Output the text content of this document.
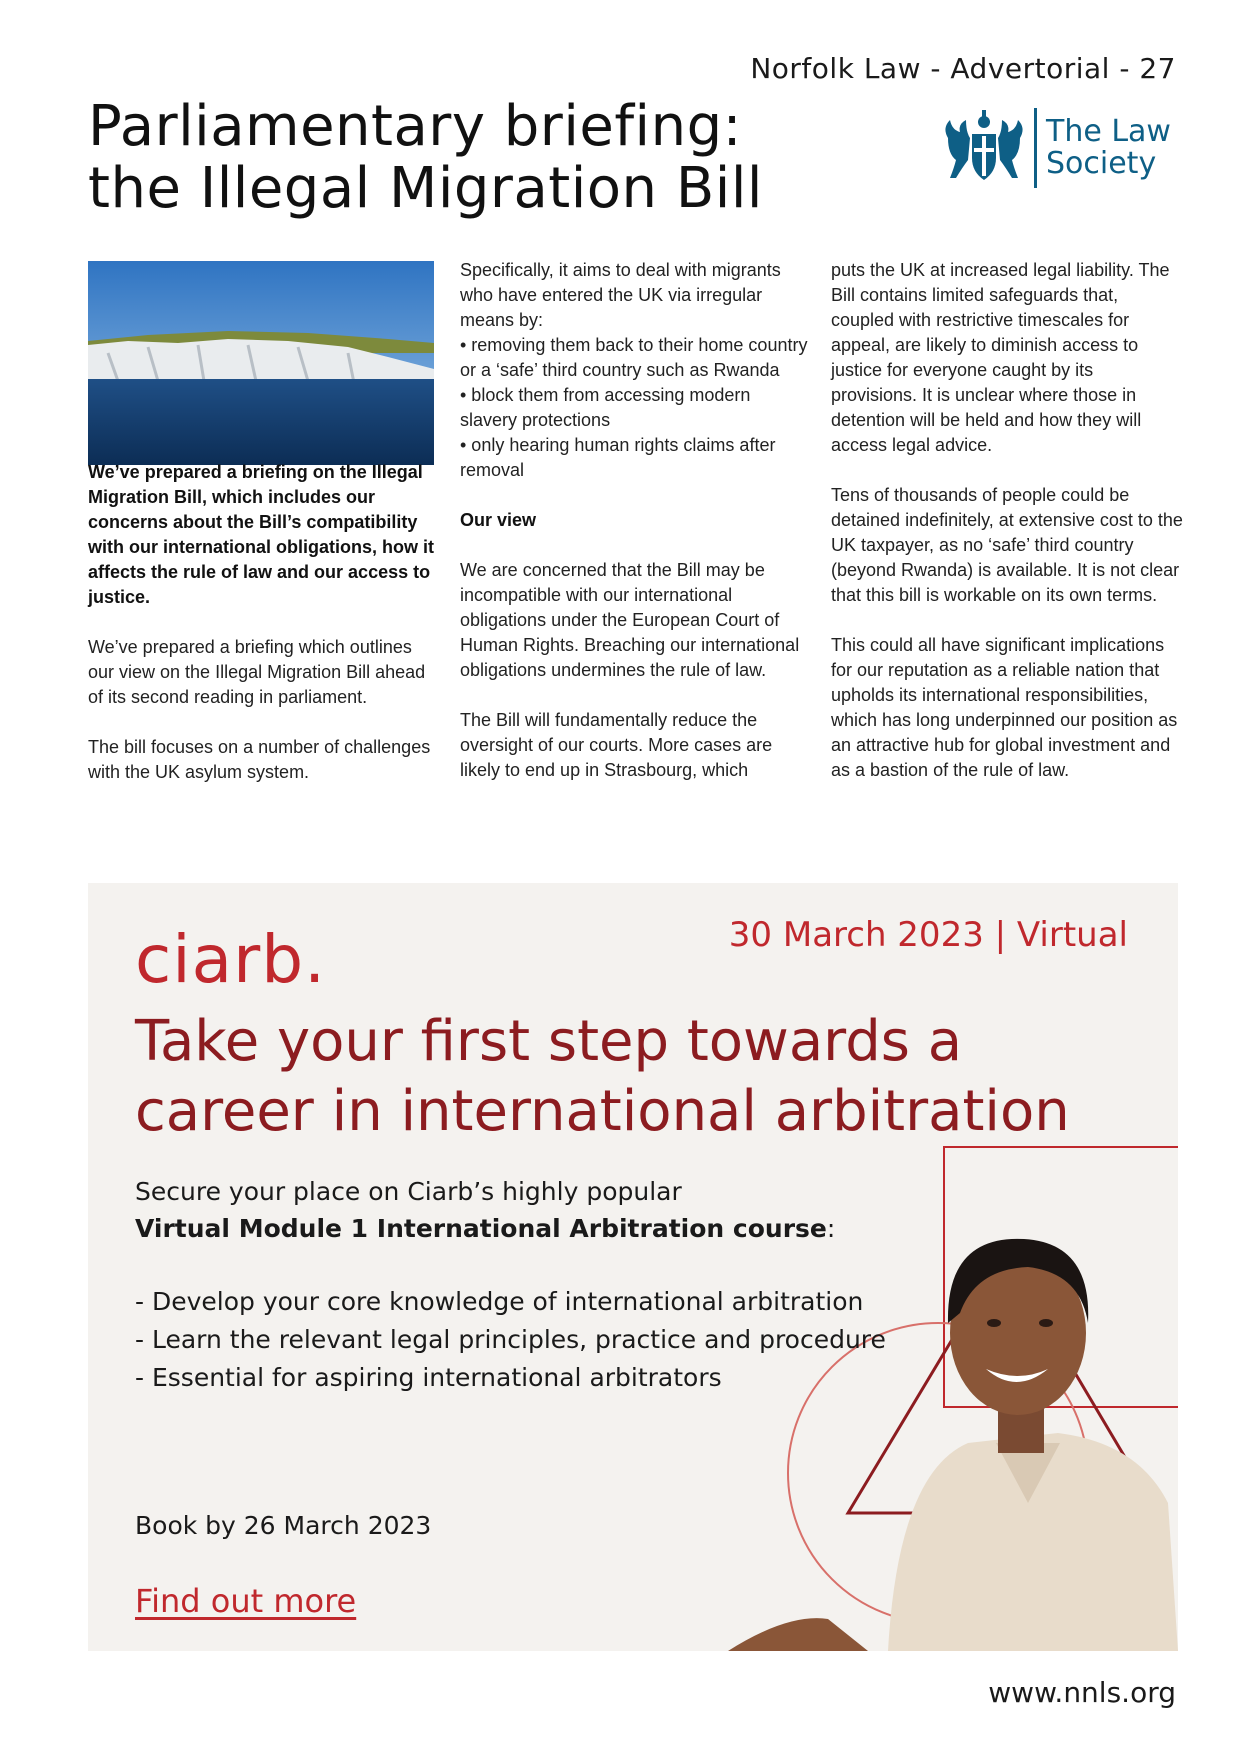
Norfolk Law - Advertorial - 27
Parliamentary briefing:
the Illegal Migration Bill
The Law
Society

We’ve prepared a briefing on the Illegal Migration Bill, which includes our concerns about the Bill’s compatibility with our international obligations, how it affects the rule of law and our access to justice.

We’ve prepared a briefing which outlines our view on the Illegal Migration Bill ahead of its second reading in parliament.

The bill focuses on a number of challenges with the UK asylum system.

Specifically, it aims to deal with migrants who have entered the UK via irregular means by:

• removing them back to their home country or a ‘safe’ third country such as Rwanda

• block them from accessing modern slavery protections

• only hearing human rights claims after removal

Our view

We are concerned that the Bill may be incompatible with our international obligations under the European Court of Human Rights. Breaching our international obligations undermines the rule of law.

The Bill will fundamentally reduce the oversight of our courts. More cases are likely to end up in Strasbourg, which

puts the UK at increased legal liability. The Bill contains limited safeguards that, coupled with restrictive timescales for appeal, are likely to diminish access to justice for everyone caught by its provisions. It is unclear where those in detention will be held and how they will access legal advice.

Tens of thousands of people could be detained indefinitely, at extensive cost to the UK taxpayer, as no ‘safe’ third country (beyond Rwanda) is available. It is not clear that this bill is workable on its own terms.

This could all have significant implications for our reputation as a reliable nation that upholds its international responsibilities, which has long underpinned our position as an attractive hub for global investment and as a bastion of the rule of law.

ciarb.	30 March 2023 | Virtual
Take your first step towards a
career in international arbitration
Secure your place on Ciarb’s highly popular
Virtual Module 1 International Arbitration course:
- Develop your core knowledge of international arbitration
- Learn the relevant legal principles, practice and procedure
- Essential for aspiring international arbitrators
Book by 26 March 2023
Find out more
www.nnls.org
